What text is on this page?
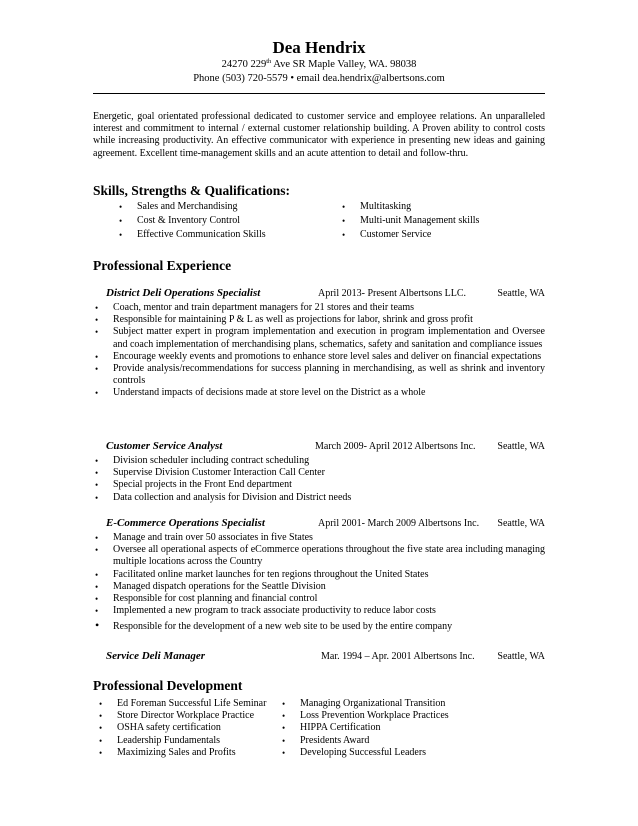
Dea Hendrix
24270 229th Ave SR Maple Valley, WA. 98038
Phone (503) 720-5579 • email dea.hendrix@albertsons.com
Energetic, goal orientated professional dedicated to customer service and employee relations. An unparalleled interest and commitment to internal / external customer relationship building. A Proven ability to control costs while increasing productivity. An effective communicator with experience in presenting new ideas and gaining agreement. Excellent time-management skills and an acute attention to detail and follow-thru.
Skills, Strengths & Qualifications:
• Sales and Merchandising
• Cost & Inventory Control
• Effective Communication Skills
• Multitasking
• Multi-unit Management skills
• Customer Service
Professional Experience
District Deli Operations Specialist	April 2013- Present Albertsons LLC.	Seattle, WA
• Coach, mentor and train department managers for 21 stores and their teams
• Responsible for maintaining P & L as well as projections for labor, shrink and gross profit
• Subject matter expert in program implementation and execution in program implementation and Oversee and coach implementation of merchandising plans, schematics, safety and sanitation and compliance issues
• Encourage weekly events and promotions to enhance store level sales and deliver on financial expectations
• Provide analysis/recommendations for success planning in merchandising, as well as shrink and inventory controls
• Understand impacts of decisions made at store level on the District as a whole
Customer Service Analyst	March 2009- April 2012 Albertsons Inc. Seattle, WA
• Division scheduler including contract scheduling
• Supervise Division Customer Interaction Call Center
• Special projects in the Front End department
• Data collection and analysis for Division and District needs
E-Commerce Operations Specialist	April 2001- March 2009 Albertsons Inc. Seattle, WA
• Manage and train over 50 associates in five States
• Oversee all operational aspects of eCommerce operations throughout the five state area including managing multiple locations across the Country
• Facilitated online market launches for ten regions throughout the United States
• Managed dispatch operations for the Seattle Division
• Responsible for cost planning and financial control
• Implemented a new program to track associate productivity to reduce labor costs
• Responsible for the development of a new web site to be used by the entire company
Service Deli Manager	Mar. 1994 – Apr. 2001 Albertsons Inc. Seattle, WA
Professional Development
• Ed Foreman Successful Life Seminar
• Store Director Workplace Practice
• OSHA safety certification
• Leadership Fundamentals
• Maximizing Sales and Profits
• Managing Organizational Transition
• Loss Prevention Workplace Practices
• HIPPA Certification
• Presidents Award
• Developing Successful Leaders
